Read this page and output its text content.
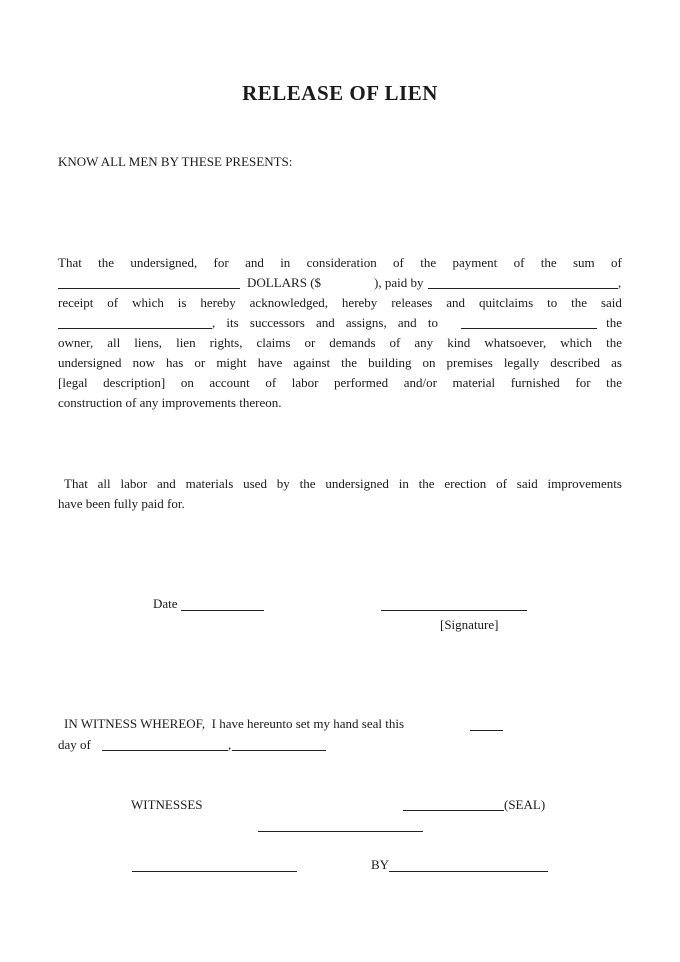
RELEASE OF LIEN
KNOW ALL MEN BY THESE PRESENTS:
That the undersigned, for and in consideration of the payment of the sum of
DOLLARS ($	), paid by	,
receipt of which is hereby acknowledged, hereby releases and quitclaims to the said
, its successors and assigns, and to	the
owner, all liens, lien rights, claims or demands of any kind whatsoever, which the
undersigned now has or might have against the building on premises legally described as
[legal description] on account of labor performed and/or material furnished for the
construction of any improvements thereon.
That all labor and materials used by the undersigned in the erection of said improvements
have been fully paid for.
Date
[Signature]
IN WITNESS WHEREOF,  I have hereunto set my hand seal this
day of	,
WITNESSES	(SEAL)
BY
